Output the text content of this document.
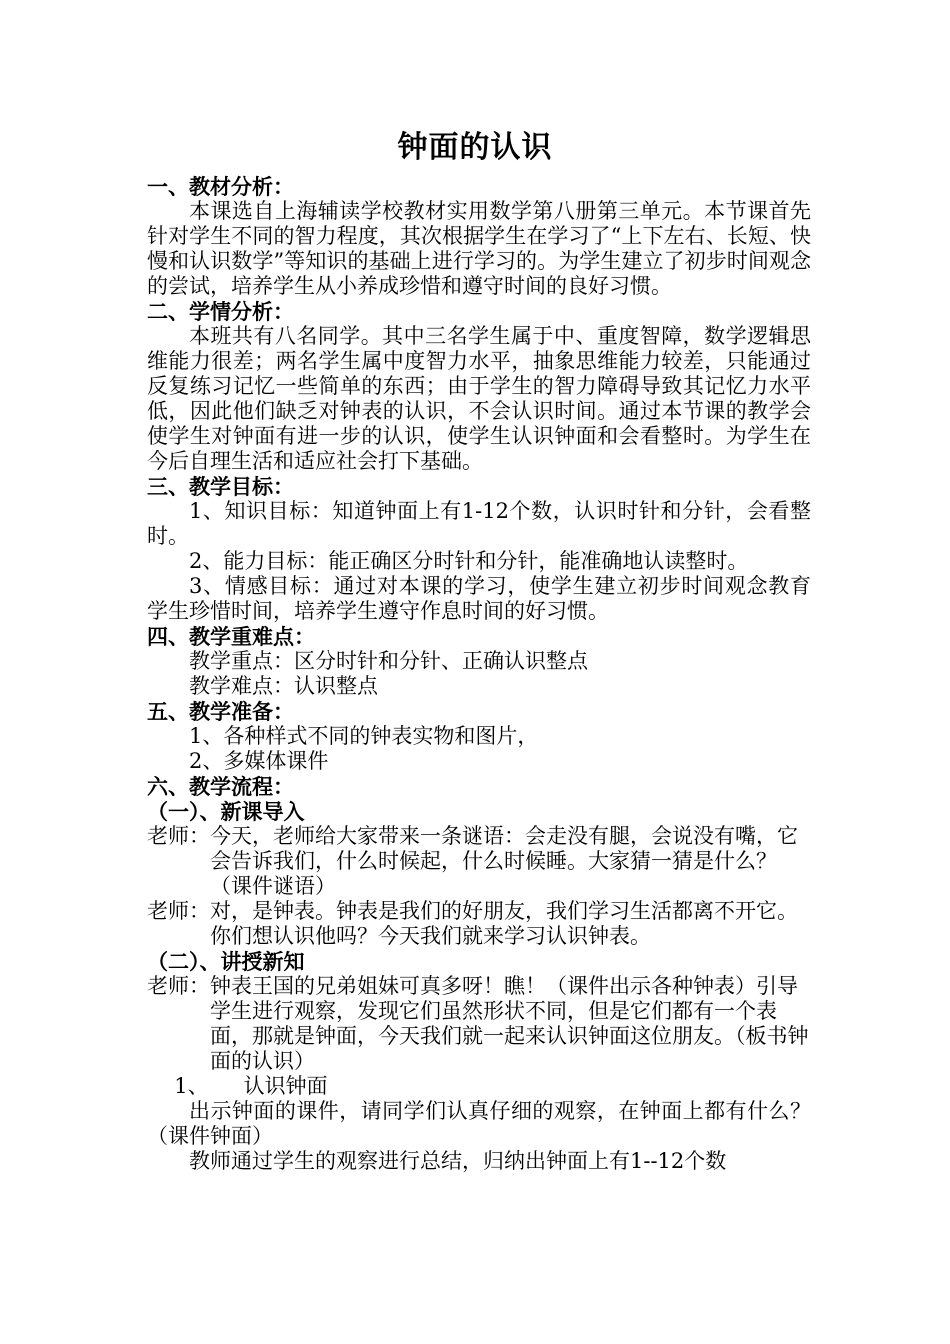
钟面的认识

一、教材分析：

本课选自上海辅读学校教材实用数学第八册第三单元。本节课首先针对学生不同的智力程度，其次根据学生在学习了“上下左右、长短、快慢和认识数学”等知识的基础上进行学习的。为学生建立了初步时间观念的尝试，培养学生从小养成珍惜和遵守时间的良好习惯。

二、学情分析：

本班共有八名同学。其中三名学生属于中、重度智障，数学逻辑思维能力很差；两名学生属中度智力水平，抽象思维能力较差，只能通过反复练习记忆一些简单的东西；由于学生的智力障碍导致其记忆力水平低，因此他们缺乏对钟表的认识，不会认识时间。通过本节课的教学会使学生对钟面有进一步的认识，使学生认识钟面和会看整时。为学生在今后自理生活和适应社会打下基础。

三、教学目标：

1、知识目标：知道钟面上有1-12个数，认识时针和分针，会看整时。

2、能力目标：能正确区分时针和分针，能准确地认读整时。

3、情感目标：通过对本课的学习，使学生建立初步时间观念教育学生珍惜时间，培养学生遵守作息时间的好习惯。

四、教学重难点：

教学重点：区分时针和分针、正确认识整点

教学难点：认识整点

五、教学准备：

1、各种样式不同的钟表实物和图片，

2、多媒体课件

六、教学流程：

（一）、新课导入

老师： 今天，老师给大家带来一条谜语：会走没有腿，会说没有嘴，它会告诉我们，什么时候起，什么时候睡。大家猜一猜是什么？（课件谜语）
老师： 对，是钟表。钟表是我们的好朋友，我们学习生活都离不开它。你们想认识他吗？今天我们就来学习认识钟表。

（二）、讲授新知

老师： 钟表王国的兄弟姐妹可真多呀！瞧！（课件出示各种钟表）引导学生进行观察，发现它们虽然形状不同，但是它们都有一个表面，那就是钟面，今天我们就一起来认识钟面这位朋友。（板书钟面的认识）

1、 认识钟面

出示钟面的课件，请同学们认真仔细的观察，在钟面上都有什么？（课件钟面）

教师通过学生的观察进行总结，归纳出钟面上有1--12个数
